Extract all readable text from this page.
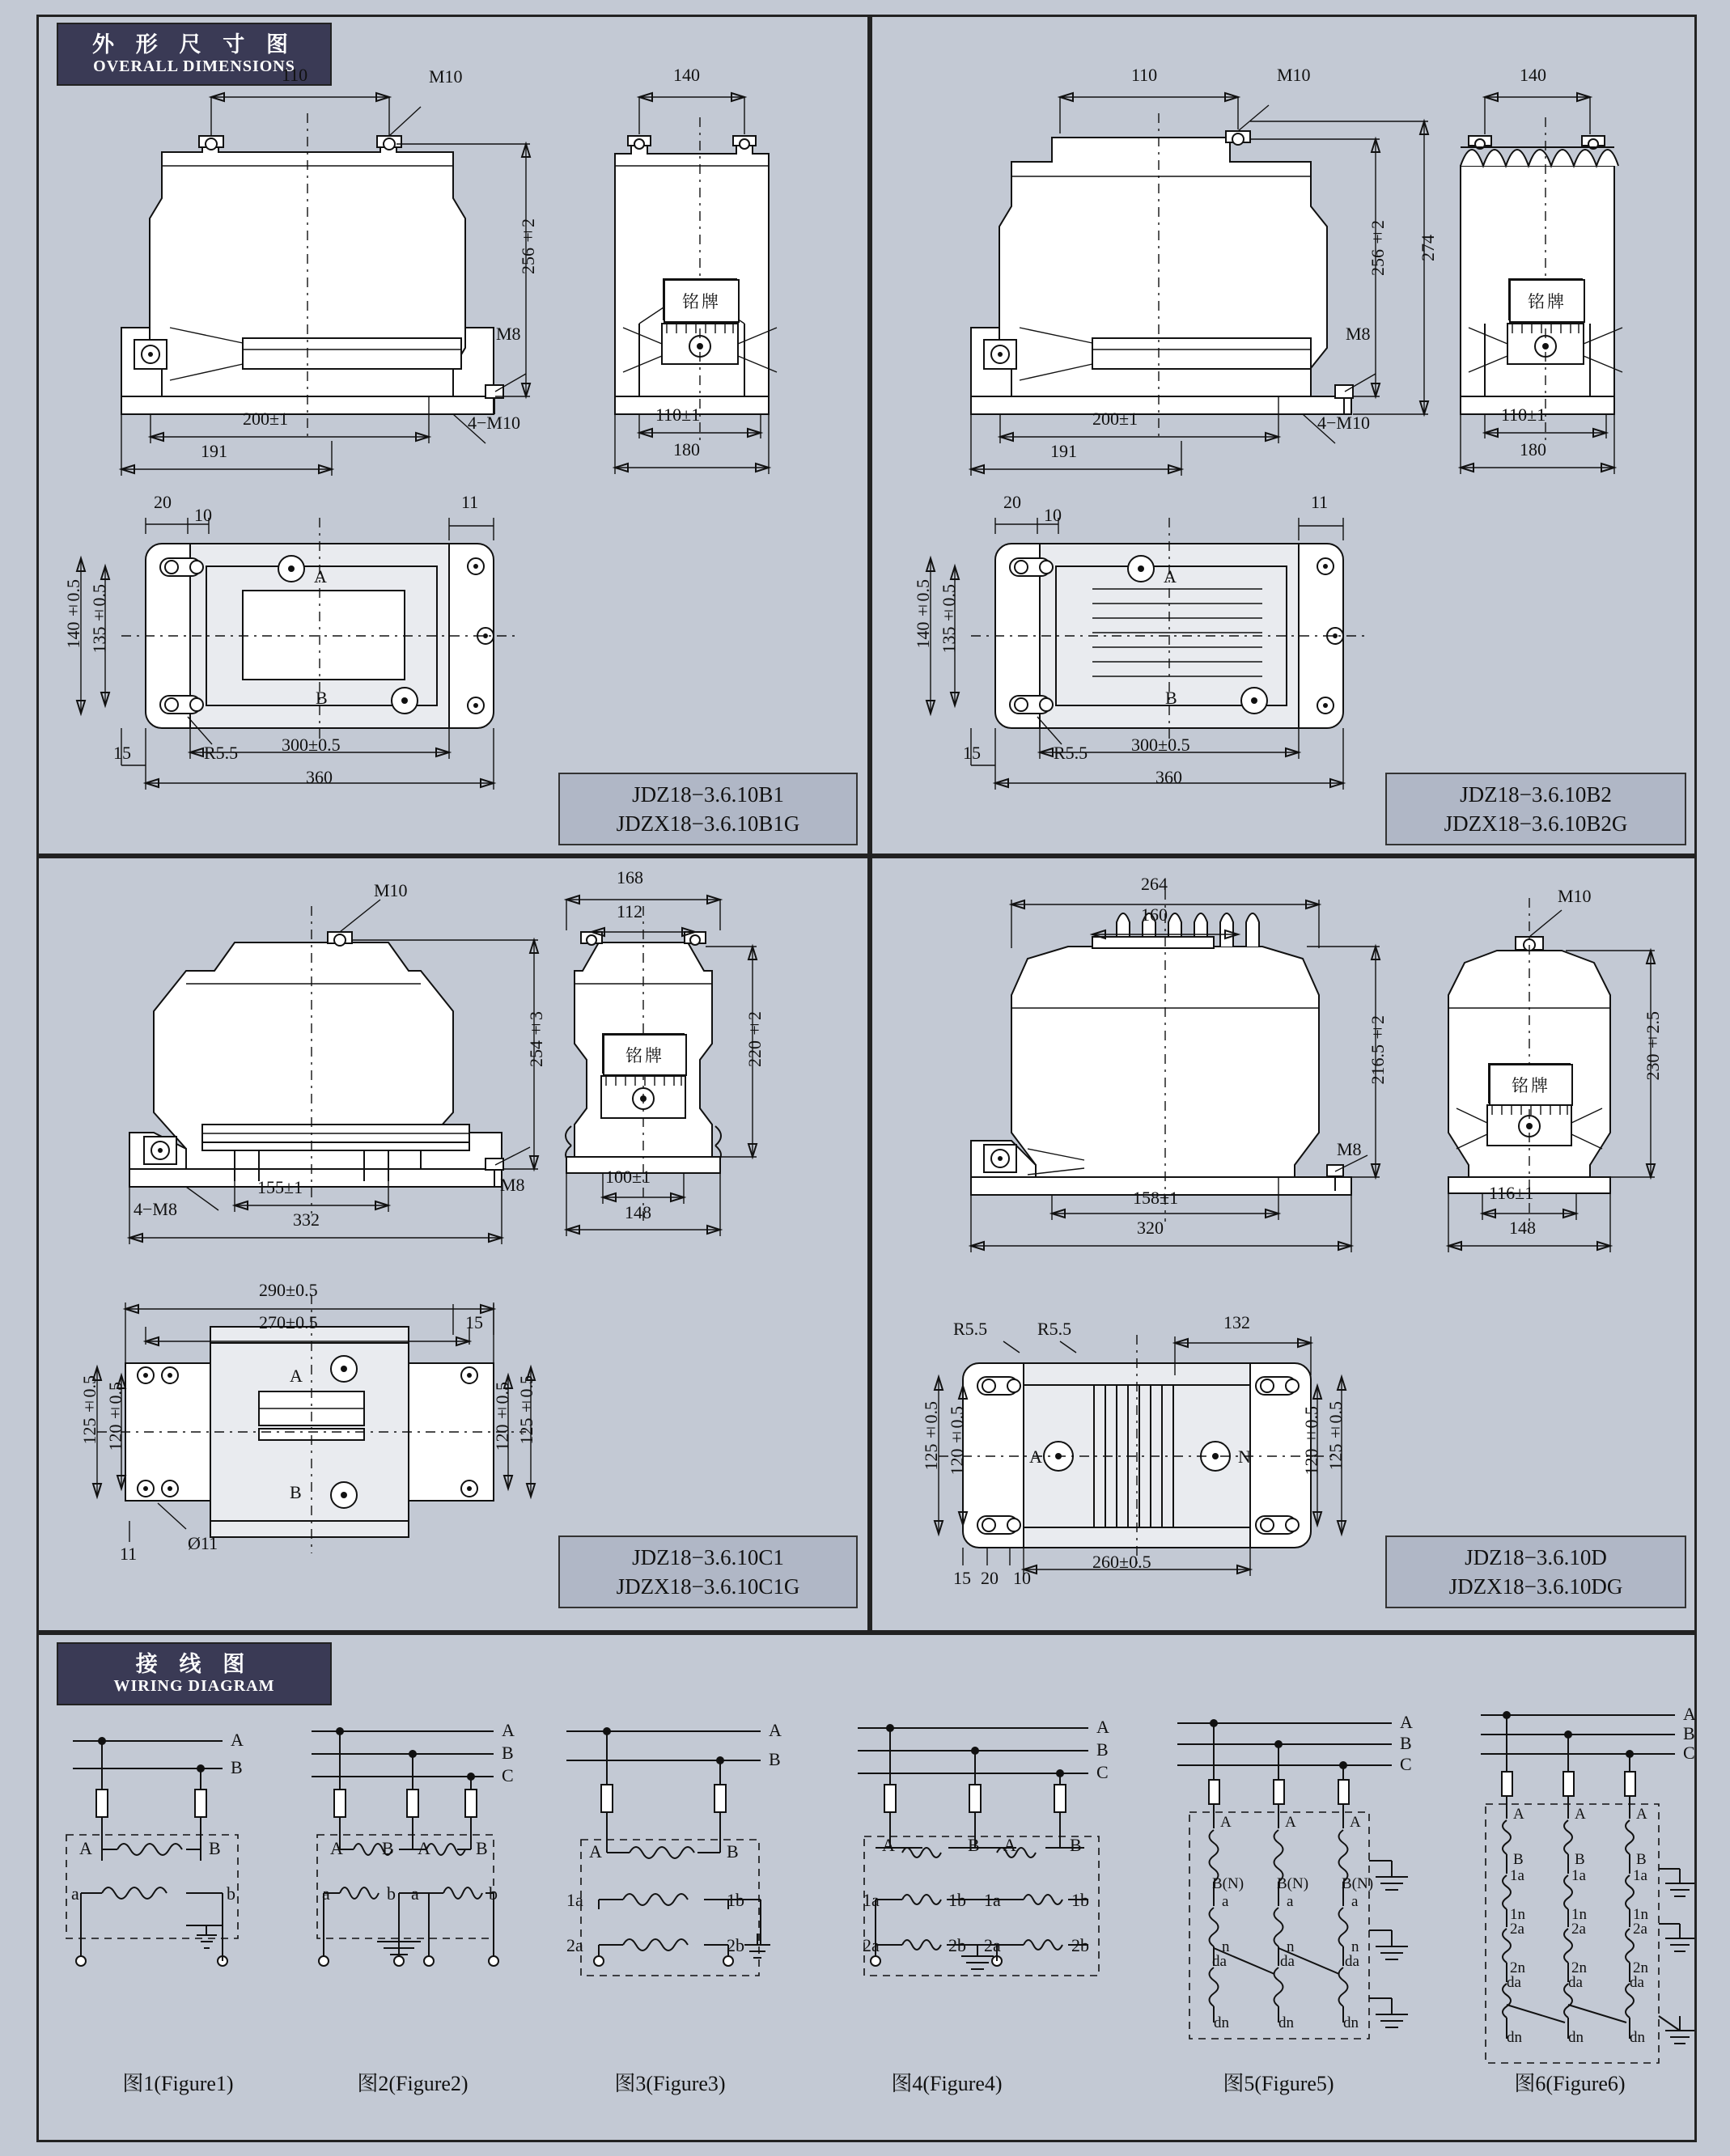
外 形 尺 寸 图
OVERALL DIMENSIONS
接 线 图
WIRING DIAGRAM
JDZ18−3.6.10B1
JDZX18−3.6.10B1G
JDZ18−3.6.10B2
JDZX18−3.6.10B2G
JDZ18−3.6.10C1
JDZX18−3.6.10C1G
JDZ18−3.6.10D
JDZX18−3.6.10DG
110	M10
256±2
M8
200±1	4−M10
191
140
铭牌
110±1
180
20
10
11
140±0.5 135±0.5
15	R5.5 300±0.5
360
A
B
110	M10
256±2 274
M8
200±1	4−M10
191
140
铭牌
110±1
180
20
10
11
140±0.5 135±0.5
15	R5.5 300±0.5
360
A
B
M10
254±3
4−M8
155±1	M8
332
168
112
220±2
铭牌
100±1
148
290±0.5
270±0.5	15
125±0.5 120±0.5	120±0.5 125±0.5
11
Ø11
A
B
264
160
216.5±2
M8
158±1
320
M10
230±2.5
铭牌
116±1
148
R5.5	R5.5	132
125±0.5 120±0.5	120±0.5 125±0.5
15 20 10
260±0.5
A	N
A
B
A	B
a	b
图1(Figure1)
A
B
C
A B A	B
a	b a	b
图2(Figure2)
A
B
A	B
1a	1b
2a	2b
图3(Figure3)
A
B
C
A	B A	B
1a	1b 1a	1b
2a	2b 2a	2b
图4(Figure4)
A
B
C
A	A	A
B(N) B(N) B(N)
a	a	a
n	n	n
da	da	da
dn	dn	dn
图5(Figure5)
A
B
C
A	A	A
B	B	B
1a	1a	1a
1n	1n	1n
2a	2a	2a
2n	2n	2n
da	da	da
dn	dn	dn
图6(Figure6)
